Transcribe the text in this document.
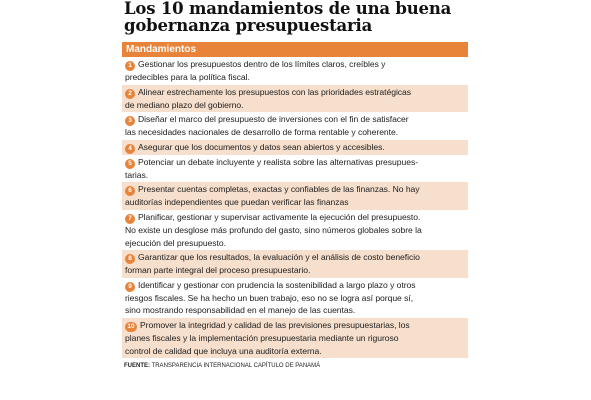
Los 10 mandamientos de una buena
gobernanza presupuestaria
Mandamientos
1 Gestionar los presupuestos dentro de los límites claros, creíbles y
predecibles para la política fiscal.
2 Alinear estrechamente los presupuestos con las prioridades estratégicas
de mediano plazo del gobierno.
3 Diseñar el marco del presupuesto de inversiones con el fin de satisfacer
las necesidades nacionales de desarrollo de forma rentable y coherente.
4 Asegurar que los documentos y datos sean abiertos y accesibles.
5 Potenciar un debate incluyente y realista sobre las alternativas presupues-
tarias.
6 Presentar cuentas completas, exactas y confiables de las finanzas. No hay
auditorías independientes que puedan verificar las finanzas
7 Planificar, gestionar y supervisar activamente la ejecución del presupuesto.
No existe un desglose más profundo del gasto, sino números globales sobre la
ejecución del presupuesto.
8 Garantizar que los resultados, la evaluación y el análisis de costo beneficio
forman parte integral del proceso presupuestario.
9 Identificar y gestionar con prudencia la sostenibilidad a largo plazo y otros
riesgos fiscales. Se ha hecho un buen trabajo, eso no se logra así porque sí,
sino mostrando responsabilidad en el manejo de las cuentas.
10 Promover la integridad y calidad de las previsiones presupuestarias, los
planes fiscales y la implementación presupuestaria mediante un riguroso
control de calidad que incluya una auditoría externa.
FUENTE: TRANSPARENCIA INTERNACIONAL CAPÍTULO DE PANAMÁ
